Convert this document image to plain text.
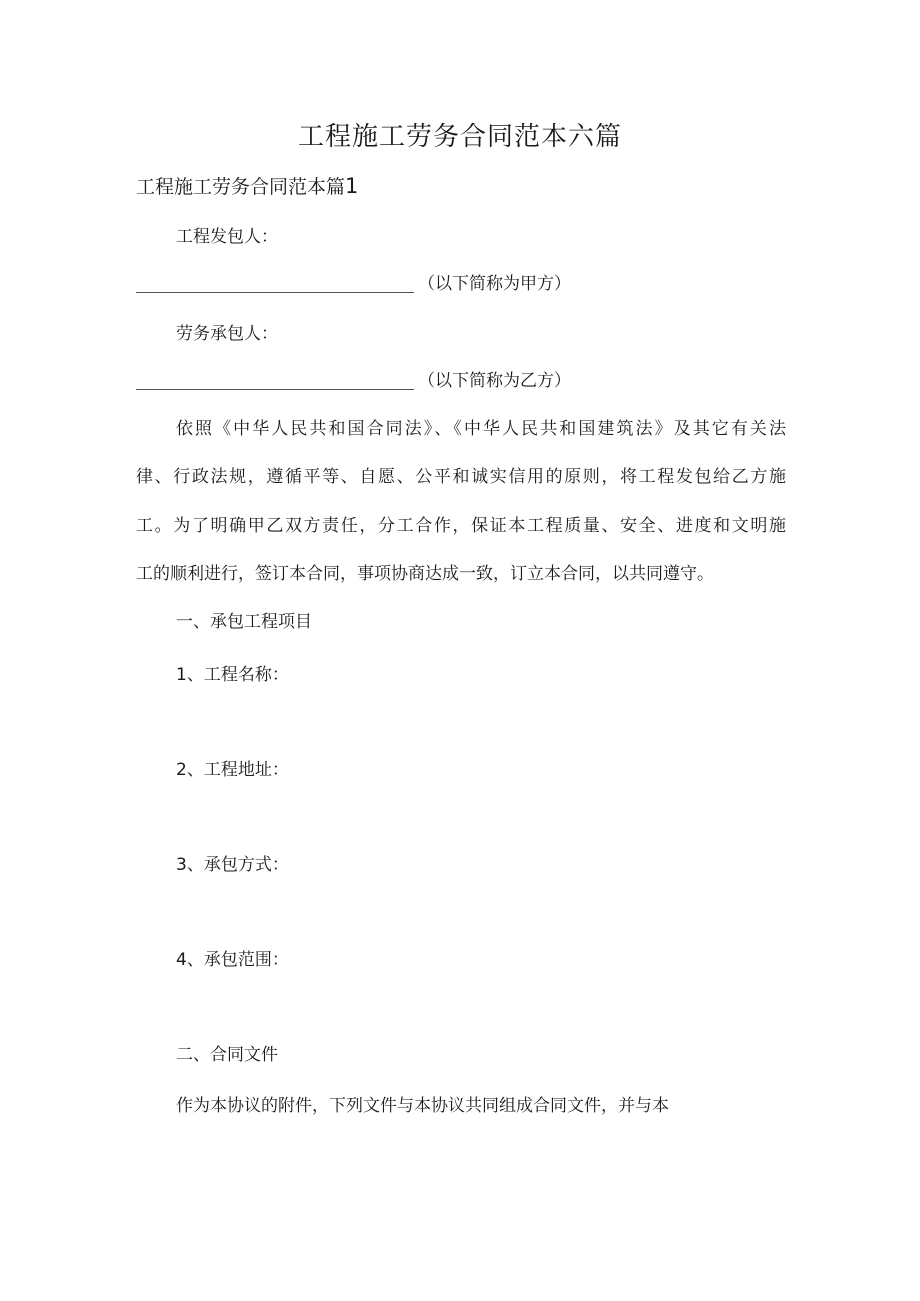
工程施工劳务合同范本六篇
工程施工劳务合同范本篇1
工程发包人：
（以下简称为甲方）
劳务承包人：
（以下简称为乙方）
依照《中华人民共和国合同法》、《中华人民共和国建筑法》及其它有关法
律、行政法规，遵循平等、自愿、公平和诚实信用的原则，将工程发包给乙方施
工。为了明确甲乙双方责任，分工合作，保证本工程质量、安全、进度和文明施
工的顺利进行，签订本合同，事项协商达成一致，订立本合同，以共同遵守。
一、承包工程项目
1、工程名称：
2、工程地址：
3、承包方式：
4、承包范围：
二、合同文件
作为本协议的附件，下列文件与本协议共同组成合同文件，并与本
